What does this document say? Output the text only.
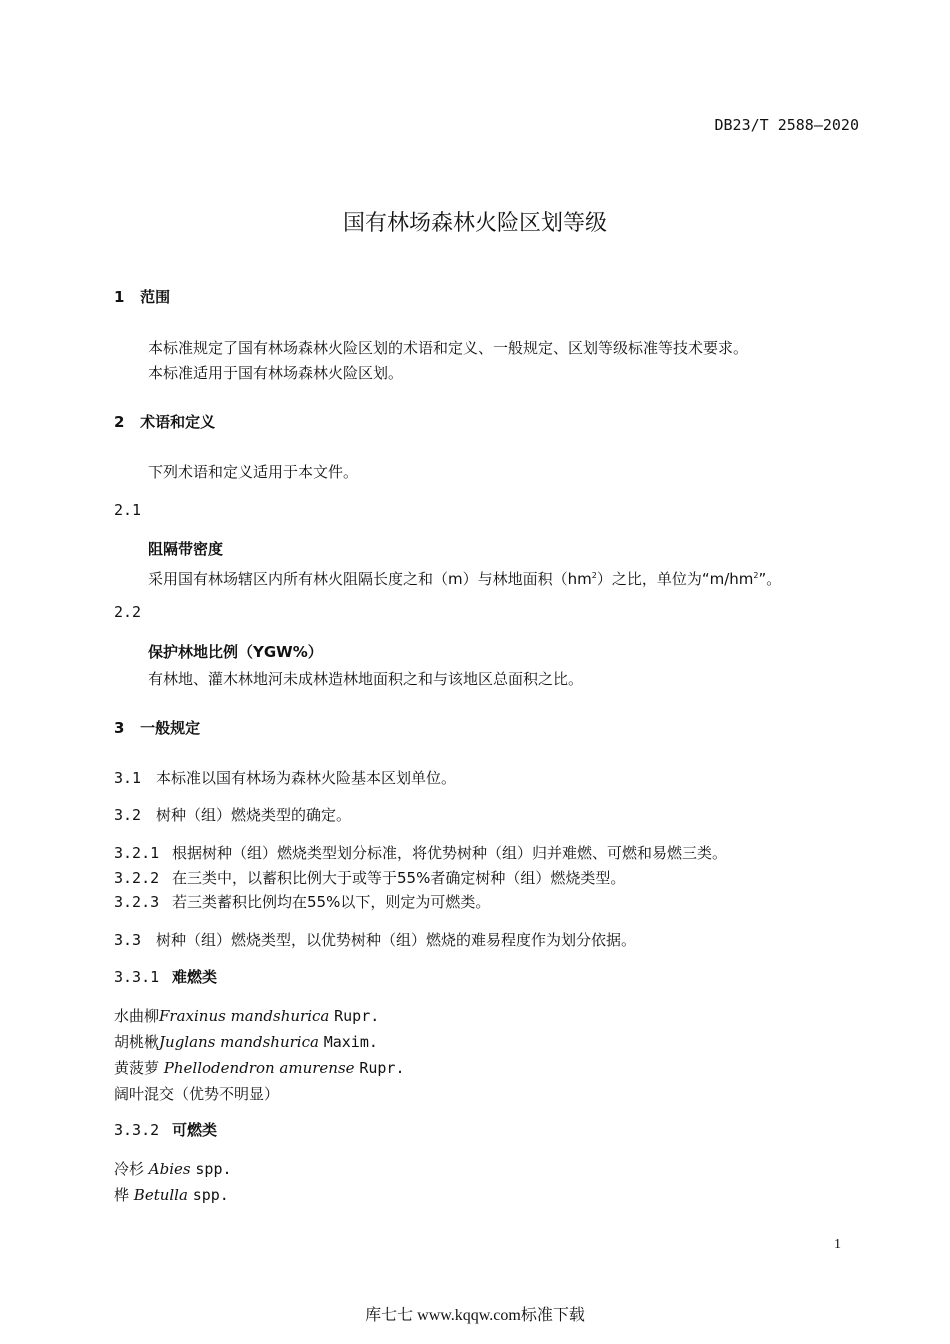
DB23/T 2588—2020
国有林场森林火险区划等级
1 范围
本标准规定了国有林场森林火险区划的术语和定义、一般规定、区划等级标准等技术要求。
本标准适用于国有林场森林火险区划。
2 术语和定义
下列术语和定义适用于本文件。
2.1
阻隔带密度
采用国有林场辖区内所有林火阻隔长度之和（m）与林地面积$(hm^2)$之比，单位为“$m/hm^2$”。
2.2
保护林地比例（YGW%）
有林地、灌木林地河未成林造林地面积之和与该地区总面积之比。
3 一般规定
3.1 本标准以国有林场为森林火险基本区划单位。
3.2 树种（组）燃烧类型的确定。
3.2.1 根据树种（组）燃烧类型划分标准，将优势树种（组）归并难燃、可燃和易燃三类。
3.2.2 在三类中，以蓄积比例大于或等于55%者确定树种（组）燃烧类型。
3.2.3 若三类蓄积比例均在55%以下，则定为可燃类。
3.3 树种（组）燃烧类型，以优势树种（组）燃烧的难易程度作为划分依据。
3.3.1 难燃类
水曲柳Fraxinus mandshurica Rupr.
胡桃楸Juglans mandshurica Maxim.
黄菠萝 Phellodendron amurense Rupr.
阔叶混交（优势不明显）
3.3.2 可燃类
冷杉 Abies spp.
桦 Betulla spp.
1
库七七 www.kqqw.com标准下载
